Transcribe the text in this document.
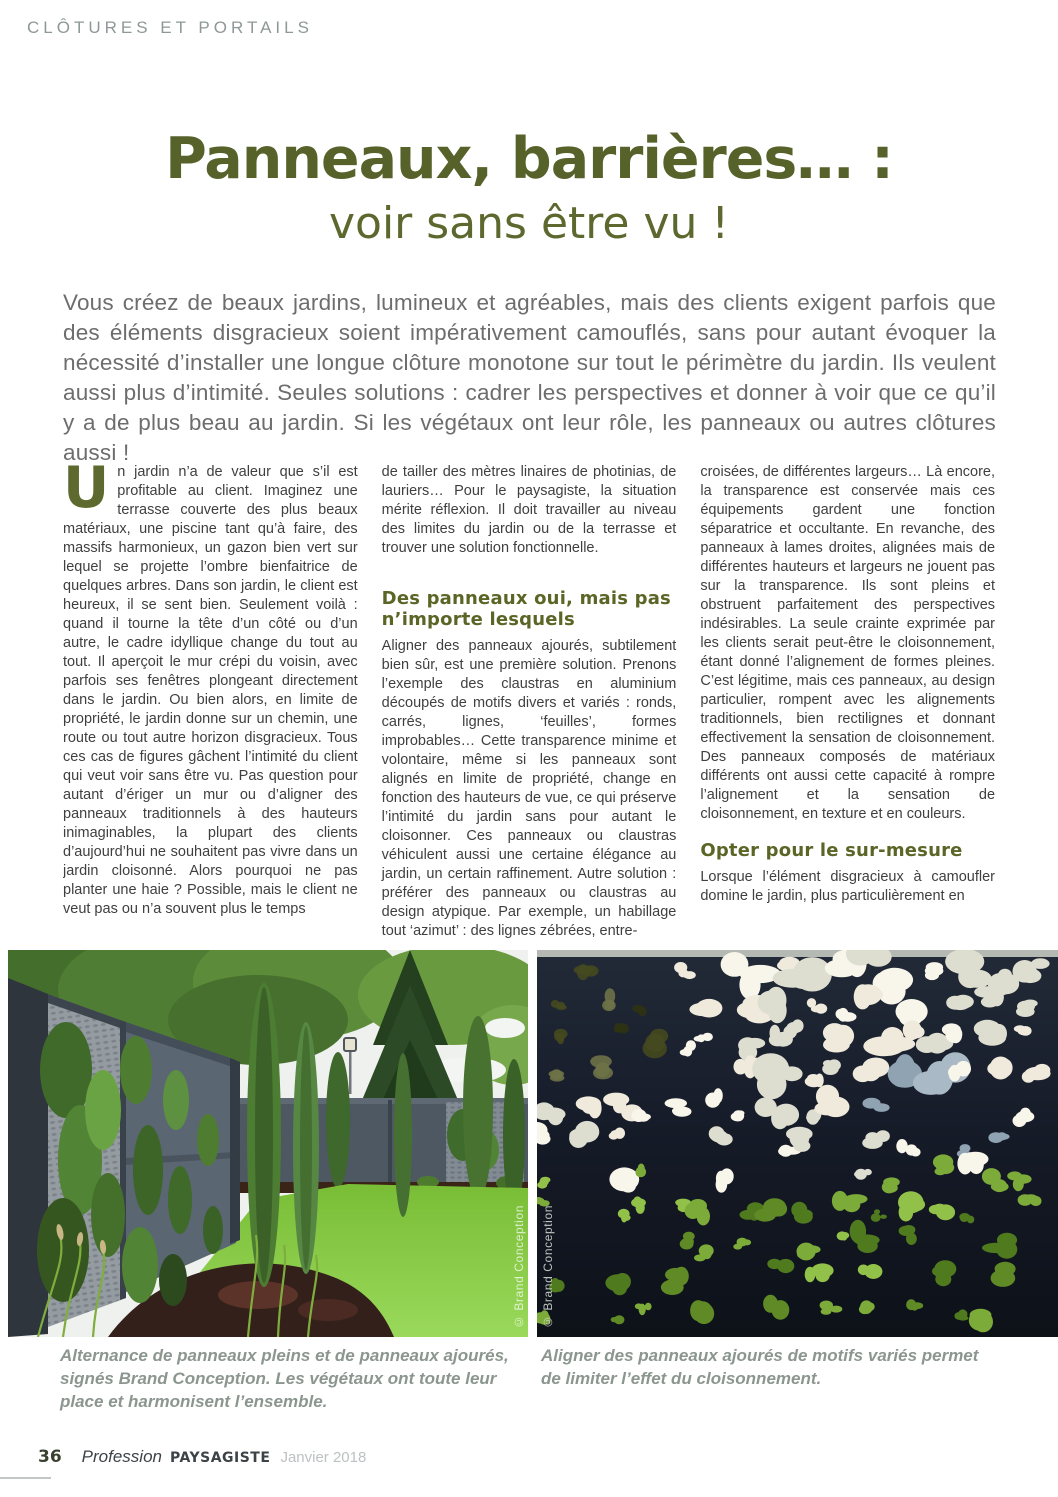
CLÔTURES ET PORTAILS
Panneaux, barrières… :
voir sans être vu !

Vous créez de beaux jardins, lumineux et agréables, mais des clients exigent parfois que des éléments disgracieux soient impérativement camouflés, sans pour autant évoquer la nécessité d’installer une longue clôture monotone sur tout le périmètre du jardin. Ils veulent aussi plus d’intimité. Seules solutions : cadrer les perspectives et donner à voir que ce qu’il y a de plus beau au jardin. Si les végétaux ont leur rôle, les panneaux ou autres clôtures aussi !

Un jardin n’a de valeur que s’il est profitable au client. Imaginez une terrasse couverte des plus beaux matériaux, une piscine tant qu’à faire, des massifs harmonieux, un gazon bien vert sur lequel se projette l’ombre bienfaitrice de quelques arbres. Dans son jardin, le client est heureux, il se sent bien. Seulement voilà : quand il tourne la tête d’un côté ou d’un autre, le cadre idyllique change du tout au tout. Il aperçoit le mur crépi du voisin, avec parfois ses fenêtres plongeant directement dans le jardin. Ou bien alors, en limite de propriété, le jardin donne sur un chemin, une route ou tout autre horizon disgracieux. Tous ces cas de figures gâchent l’intimité du client qui veut voir sans être vu. Pas question pour autant d’ériger un mur ou d’aligner des panneaux traditionnels à des hauteurs inimaginables, la plupart des clients d’aujourd’hui ne souhaitent pas vivre dans un jardin cloisonné. Alors pourquoi ne pas planter une haie ? Possible, mais le client ne veut pas ou n’a souvent plus le temps

de tailler des mètres linaires de photinias, de lauriers… Pour le paysagiste, la situation mérite réflexion. Il doit travailler au niveau des limites du jardin ou de la terrasse et trouver une solution fonctionnelle.

Des panneaux oui, mais pas n’importe lesquels

Aligner des panneaux ajourés, subtilement bien sûr, est une première solution. Prenons l’exemple des claustras en aluminium découpés de motifs divers et variés : ronds, carrés, lignes, ‘feuilles’, formes improbables… Cette transparence minime et volontaire, même si les panneaux sont alignés en limite de propriété, change en fonction des hauteurs de vue, ce qui préserve l’intimité du jardin sans pour autant le cloisonner. Ces panneaux ou claustras véhiculent aussi une certaine élégance au jardin, un certain raffinement. Autre solution : préférer des panneaux ou claustras au design atypique. Par exemple, un habillage tout ‘azimut’ : des lignes zébrées, entre-

croisées, de différentes largeurs… Là encore, la transparence est conservée mais ces équipements gardent une fonction séparatrice et occultante. En revanche, des panneaux à lames droites, alignées mais de différentes hauteurs et largeurs ne jouent pas sur la transparence. Ils sont pleins et obstruent parfaitement des perspectives indésirables. La seule crainte exprimée par les clients serait peut-être le cloisonnement, étant donné l’alignement de formes pleines. C’est légitime, mais ces panneaux, au design particulier, rompent avec les alignements traditionnels, bien rectilignes et donnant effectivement la sensation de cloisonnement. Des panneaux composés de matériaux différents ont aussi cette capacité à rompre l’alignement et la sensation de cloisonnement, en texture et en couleurs.

Opter pour le sur-mesure

Lorsque l’élément disgracieux à camoufler domine le jardin, plus particulièrement en

© Brand Conception © Brand Conception

Alternance de panneaux pleins et de panneaux ajourés, signés Brand Conception. Les végétaux ont toute leur place et harmonisent l’ensemble.

Aligner des panneaux ajourés de motifs variés permet de limiter l’effet du cloisonnement.

36 Profession PAYSAGISTE Janvier 2018
